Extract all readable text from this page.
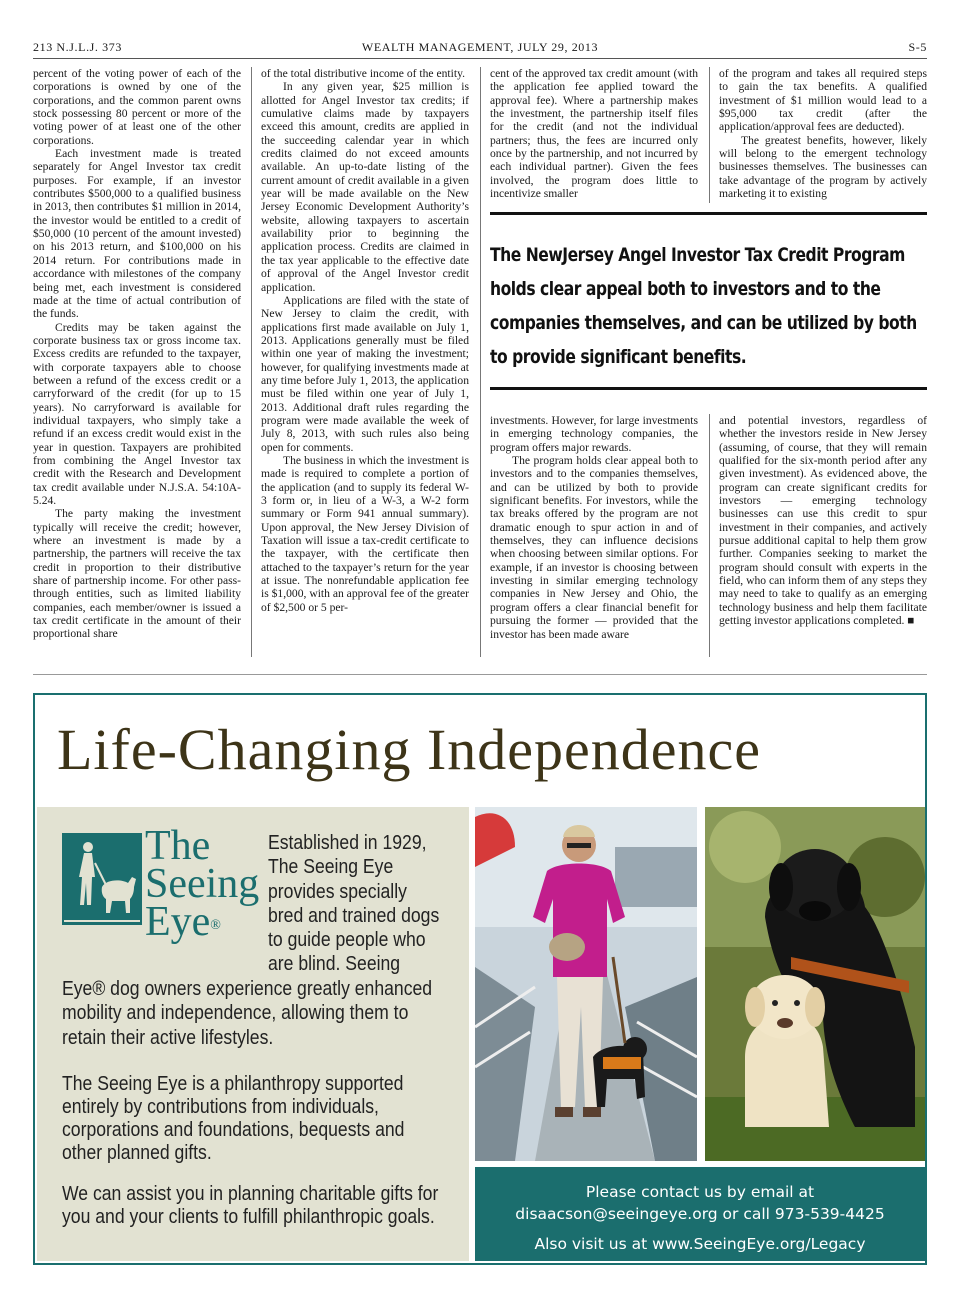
213 N.J.L.J. 373	WEALTH MANAGEMENT, JULY 29, 2013	S-5

percent of the voting power of each of the corporations is owned by one of the corporations, and the common parent owns stock possessing 80 percent or more of the voting power of at least one of the other corporations.

Each investment made is treated separately for Angel Investor tax credit purposes. For example, if an investor contributes $500,000 to a qualified business in 2013, then contributes $1 million in 2014, the investor would be entitled to a credit of $50,000 (10 percent of the amount invested) on his 2013 return, and $100,000 on his 2014 return. For contributions made in accordance with milestones of the company being met, each investment is considered made at the time of actual contribution of the funds.

Credits may be taken against the corporate business tax or gross income tax. Excess credits are refunded to the taxpayer, with corporate taxpayers able to choose between a refund of the excess credit or a carryforward of the credit (for up to 15 years). No carryforward is available for individual taxpayers, who simply take a refund if an excess credit would exist in the year in question. Taxpayers are prohibited from combining the Angel Investor tax credit with the Research and Development tax credit available under N.J.S.A. 54:10A-5.24.

The party making the investment typically will receive the credit; however, where an investment is made by a partnership, the partners will receive the tax credit in proportion to their distributive share of partnership income. For other pass-through entities, such as limited liability companies, each member/owner is issued a tax credit certificate in the amount of their proportional share

of the total distributive income of the entity.

In any given year, $25 million is allotted for Angel Investor tax credits; if cumulative claims made by taxpayers exceed this amount, credits are applied in the succeeding calendar year in which credits claimed do not exceed amounts available. An up-to-date listing of the current amount of credit available in a given year will be made available on the New Jersey Economic Development Authority’s website, allowing taxpayers to ascertain availability prior to beginning the application process. Credits are claimed in the tax year applicable to the effective date of approval of the Angel Investor credit application.

Applications are filed with the state of New Jersey to claim the credit, with applications first made available on July 1, 2013. Applications generally must be filed within one year of making the investment; however, for qualifying investments made at any time before July 1, 2013, the application must be filed within one year of July 1, 2013. Additional draft rules regarding the program were made available the week of July 8, 2013, with such rules also being open for comments.

The business in which the investment is made is required to complete a portion of the application (and to supply its federal W-3 form or, in lieu of a W-3, a W-2 form summary or Form 941 annual summary). Upon approval, the New Jersey Division of Taxation will issue a tax-credit certificate to the taxpayer, with the certificate then attached to the taxpayer’s return for the year at issue. The nonrefundable application fee is $1,000, with an approval fee of the greater of $2,500 or 5 per-

cent of the approved tax credit amount (with the application fee applied toward the approval fee). Where a partnership makes the investment, the partnership itself files for the credit (and not the individual partners; thus, the fees are incurred only once by the partnership, and not incurred by each individual partner). Given the fees involved, the program does little to incentivize smaller

of the program and takes all required steps to gain the tax benefits. A qualified investment of $1 million would lead to a $95,000 tax credit (after the application/approval fees are deducted).

The greatest benefits, however, likely will belong to the emergent technology businesses themselves. The businesses can take advantage of the program by actively marketing it to existing

The NewJersey Angel Investor Tax Credit Program holds clear appeal both to investors and to the companies themselves, and can be utilized by both to provide significant benefits.

investments. However, for large investments in emerging technology companies, the program offers major rewards.

The program holds clear appeal both to investors and to the companies themselves, and can be utilized by both to provide significant benefits. For investors, while the tax breaks offered by the program are not dramatic enough to spur action in and of themselves, they can influence decisions when choosing between similar options. For example, if an investor is choosing between investing in similar emerging technology companies in New Jersey and Ohio, the program offers a clear financial benefit for pursuing the former — provided that the investor has been made aware

and potential investors, regardless of whether the investors reside in New Jersey (assuming, of course, that they will remain qualified for the six-month period after any given investment). As evidenced above, the program can create significant credits for investors — emerging technology businesses can use this credit to spur investment in their companies, and actively pursue additional capital to help them grow further. Companies seeking to market the program should consult with experts in the field, who can inform them of any steps they may need to take to qualify as an emerging technology business and help them facilitate getting investor applications completed. ■

Life-Changing Independence
The
Seeing
Eye®
Established in 1929, The Seeing Eye provides specially bred and trained dogs to guide people who are blind. Seeing
Eye® dog owners experience greatly enhanced mobility and independence, allowing them to retain their active lifestyles.
The Seeing Eye is a philanthropy supported entirely by contributions from individuals, corporations and foundations, bequests and other planned gifts.
We can assist you in planning charitable gifts for you and your clients to fulfill philanthropic goals.
Please contact us by email at
disaacson@seeingeye.org or call 973-539-4425
Also visit us at www.SeeingEye.org/Legacy
